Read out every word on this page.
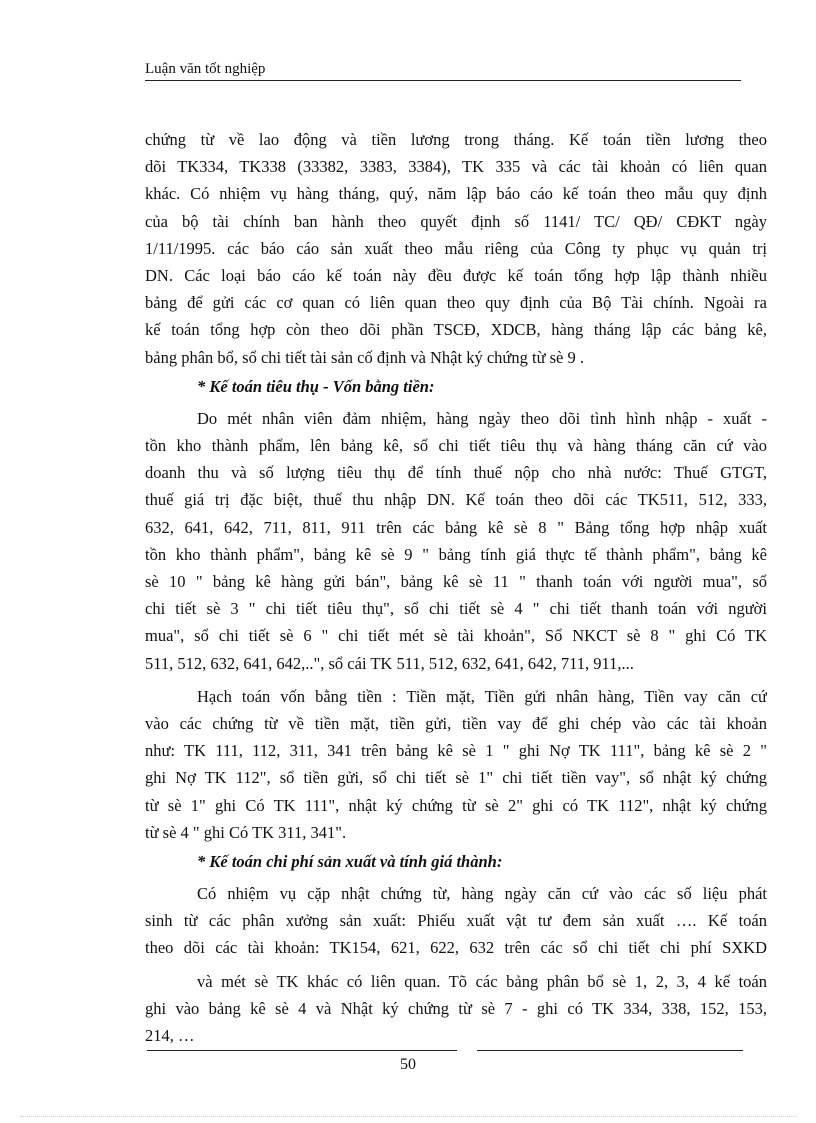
Luận văn tốt nghiệp
chứng từ về lao động và tiền lương trong tháng. Kế toán tiền lương theo
dõi TK334, TK338 (33382, 3383, 3384), TK 335 và các tài khoản có liên quan
khác. Có nhiệm vụ hàng tháng, quý, năm lập báo cáo kế toán theo mẫu quy định
của bộ tài chính ban hành theo quyết định số 1141/ TC/ QĐ/ CĐKT ngày
1/11/1995. các báo cáo sản xuất theo mẫu riêng của Công ty phục vụ quản trị
DN. Các loại báo cáo kế toán này đều được kế toán tổng hợp lập thành nhiều
bảng để gửi các cơ quan có liên quan theo quy định của Bộ Tài chính. Ngoài ra
kế toán tổng hợp còn theo dõi phần TSCĐ, XDCB, hàng tháng lập các bảng kê,
bảng phân bổ, sổ chi tiết tài sản cố định và Nhật ký chứng từ sè 9 .
* Kế toán tiêu thụ - Vốn bằng tiền:
Do mét nhân viên đảm nhiệm, hàng ngày theo dõi tình hình nhập - xuất -
tồn kho thành phẩm, lên bảng kê, sổ chi tiết tiêu thụ và hàng tháng căn cứ vào
doanh thu và số lượng tiêu thụ để tính thuế nộp cho nhà nước: Thuế GTGT,
thuế giá trị đặc biệt, thuế thu nhập DN. Kế toán theo dõi các TK511, 512, 333,
632, 641, 642, 711, 811, 911 trên các bảng kê sè 8 " Bảng tổng hợp nhập xuất
tồn kho thành phẩm", bảng kê sè 9 " bảng tính giá thực tế thành phẩm", bảng kê
sè 10 " bảng kê hàng gửi bán", bảng kê sè 11 " thanh toán với người mua", sổ
chi tiết sè 3 " chi tiết tiêu thụ", sổ chi tiết sè 4 " chi tiết thanh toán với người
mua", sổ chi tiết sè 6 " chi tiết mét sè tài khoản", Sổ NKCT sè 8 " ghi Có TK
511, 512, 632, 641, 642,..", sổ cái TK 511, 512, 632, 641, 642, 711, 911,...
Hạch toán vốn bằng tiền : Tiền mặt, Tiền gửi nhân hàng, Tiền vay căn cứ
vào các chứng từ về tiền mặt, tiền gửi, tiền vay để ghi chép vào các tài khoản
như: TK 111, 112, 311, 341 trên bảng kê sè 1 " ghi Nợ TK 111", bảng kê sè 2 "
ghi Nợ TK 112", sổ tiền gửi, sổ chi tiết sè 1" chi tiết tiền vay", sổ nhật ký chứng
từ sè 1" ghi Có TK 111", nhật ký chứng từ sè 2" ghi có TK 112", nhật ký chứng
từ sè 4 " ghi Có TK 311, 341".
* Kế toán chi phí sản xuất và tính giá thành:
Có nhiệm vụ cặp nhật chứng từ, hàng ngày căn cứ vào các số liệu phát
sinh từ các phân xưởng sản xuất: Phiếu xuất vật tư đem sản xuất …. Kế toán
theo dõi các tài khoản: TK154, 621, 622, 632 trên các sổ chi tiết chi phí SXKD
và mét sè TK khác có liên quan. Tõ các bảng phân bổ sè 1, 2, 3, 4 kế toán
ghi vào bảng kê sè 4 và Nhật ký chứng từ sè 7 - ghi có TK 334, 338, 152, 153,
214, …
50
